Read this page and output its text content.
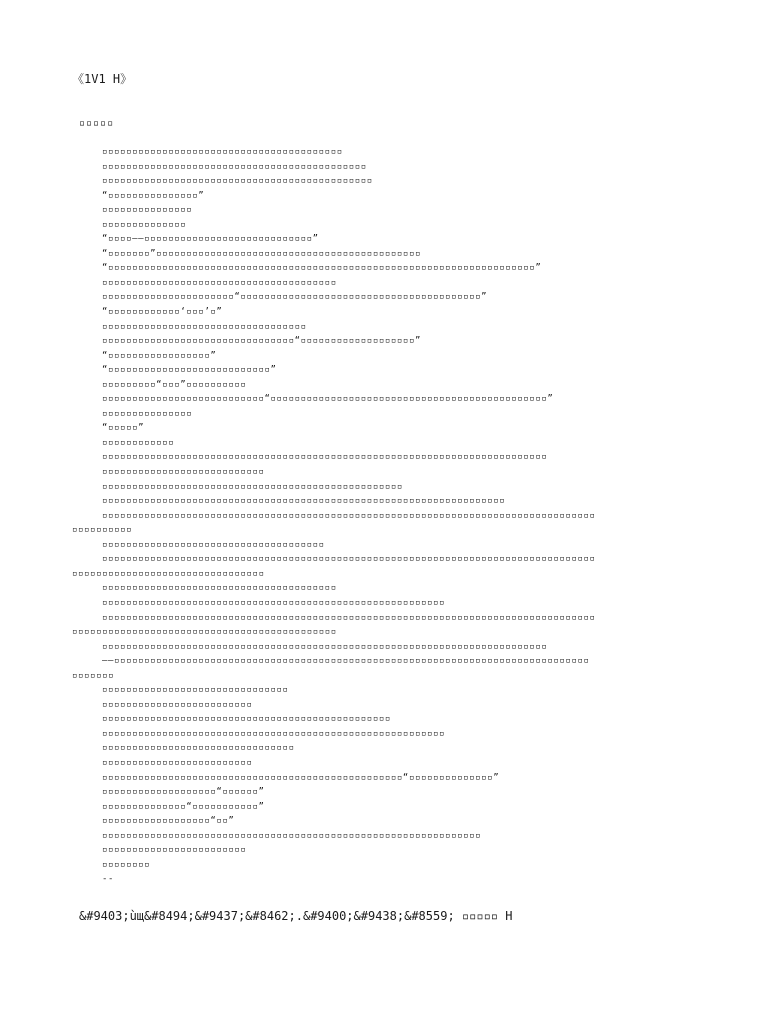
《1V1 H》
▫▫▫▫▫
▫▫▫▫▫▫▫▫▫▫▫▫▫▫▫▫▫▫▫▫▫▫▫▫▫▫▫▫▫▫▫▫▫▫▫▫▫▫▫▫
▫▫▫▫▫▫▫▫▫▫▫▫▫▫▫▫▫▫▫▫▫▫▫▫▫▫▫▫▫▫▫▫▫▫▫▫▫▫▫▫▫▫▫▫
▫▫▫▫▫▫▫▫▫▫▫▫▫▫▫▫▫▫▫▫▫▫▫▫▫▫▫▫▫▫▫▫▫▫▫▫▫▫▫▫▫▫▫▫▫
“▫▫▫▫▫▫▫▫▫▫▫▫▫▫▫”
▫▫▫▫▫▫▫▫▫▫▫▫▫▫▫
▫▫▫▫▫▫▫▫▫▫▫▫▫▫
“▫▫▫▫——▫▫▫▫▫▫▫▫▫▫▫▫▫▫▫▫▫▫▫▫▫▫▫▫▫▫▫▫”
“▫▫▫▫▫▫▫”▫▫▫▫▫▫▫▫▫▫▫▫▫▫▫▫▫▫▫▫▫▫▫▫▫▫▫▫▫▫▫▫▫▫▫▫▫▫▫▫▫▫▫▫
“▫▫▫▫▫▫▫▫▫▫▫▫▫▫▫▫▫▫▫▫▫▫▫▫▫▫▫▫▫▫▫▫▫▫▫▫▫▫▫▫▫▫▫▫▫▫▫▫▫▫▫▫▫▫▫▫▫▫▫▫▫▫▫▫▫▫▫▫▫▫▫”
▫▫▫▫▫▫▫▫▫▫▫▫▫▫▫▫▫▫▫▫▫▫▫▫▫▫▫▫▫▫▫▫▫▫▫▫▫▫▫
▫▫▫▫▫▫▫▫▫▫▫▫▫▫▫▫▫▫▫▫▫▫“▫▫▫▫▫▫▫▫▫▫▫▫▫▫▫▫▫▫▫▫▫▫▫▫▫▫▫▫▫▫▫▫▫▫▫▫▫▫▫▫”
“▫▫▫▫▫▫▫▫▫▫▫▫‘▫▫▫’▫”
▫▫▫▫▫▫▫▫▫▫▫▫▫▫▫▫▫▫▫▫▫▫▫▫▫▫▫▫▫▫▫▫▫▫
▫▫▫▫▫▫▫▫▫▫▫▫▫▫▫▫▫▫▫▫▫▫▫▫▫▫▫▫▫▫▫▫“▫▫▫▫▫▫▫▫▫▫▫▫▫▫▫▫▫▫▫”
“▫▫▫▫▫▫▫▫▫▫▫▫▫▫▫▫▫”
“▫▫▫▫▫▫▫▫▫▫▫▫▫▫▫▫▫▫▫▫▫▫▫▫▫▫▫”
▫▫▫▫▫▫▫▫▫“▫▫▫”▫▫▫▫▫▫▫▫▫▫
▫▫▫▫▫▫▫▫▫▫▫▫▫▫▫▫▫▫▫▫▫▫▫▫▫▫▫“▫▫▫▫▫▫▫▫▫▫▫▫▫▫▫▫▫▫▫▫▫▫▫▫▫▫▫▫▫▫▫▫▫▫▫▫▫▫▫▫▫▫▫▫▫▫”
▫▫▫▫▫▫▫▫▫▫▫▫▫▫▫
“▫▫▫▫▫”
▫▫▫▫▫▫▫▫▫▫▫▫
▫▫▫▫▫▫▫▫▫▫▫▫▫▫▫▫▫▫▫▫▫▫▫▫▫▫▫▫▫▫▫▫▫▫▫▫▫▫▫▫▫▫▫▫▫▫▫▫▫▫▫▫▫▫▫▫▫▫▫▫▫▫▫▫▫▫▫▫▫▫▫▫▫▫
▫▫▫▫▫▫▫▫▫▫▫▫▫▫▫▫▫▫▫▫▫▫▫▫▫▫▫
▫▫▫▫▫▫▫▫▫▫▫▫▫▫▫▫▫▫▫▫▫▫▫▫▫▫▫▫▫▫▫▫▫▫▫▫▫▫▫▫▫▫▫▫▫▫▫▫▫▫
▫▫▫▫▫▫▫▫▫▫▫▫▫▫▫▫▫▫▫▫▫▫▫▫▫▫▫▫▫▫▫▫▫▫▫▫▫▫▫▫▫▫▫▫▫▫▫▫▫▫▫▫▫▫▫▫▫▫▫▫▫▫▫▫▫▫▫
▫▫▫▫▫▫▫▫▫▫▫▫▫▫▫▫▫▫▫▫▫▫▫▫▫▫▫▫▫▫▫▫▫▫▫▫▫▫▫▫▫▫▫▫▫▫▫▫▫▫▫▫▫▫▫▫▫▫▫▫▫▫▫▫▫▫▫▫▫▫▫▫▫▫▫▫▫▫▫▫▫▫
▫▫▫▫▫▫▫▫▫▫
▫▫▫▫▫▫▫▫▫▫▫▫▫▫▫▫▫▫▫▫▫▫▫▫▫▫▫▫▫▫▫▫▫▫▫▫▫
▫▫▫▫▫▫▫▫▫▫▫▫▫▫▫▫▫▫▫▫▫▫▫▫▫▫▫▫▫▫▫▫▫▫▫▫▫▫▫▫▫▫▫▫▫▫▫▫▫▫▫▫▫▫▫▫▫▫▫▫▫▫▫▫▫▫▫▫▫▫▫▫▫▫▫▫▫▫▫▫▫▫
▫▫▫▫▫▫▫▫▫▫▫▫▫▫▫▫▫▫▫▫▫▫▫▫▫▫▫▫▫▫▫▫
▫▫▫▫▫▫▫▫▫▫▫▫▫▫▫▫▫▫▫▫▫▫▫▫▫▫▫▫▫▫▫▫▫▫▫▫▫▫▫
▫▫▫▫▫▫▫▫▫▫▫▫▫▫▫▫▫▫▫▫▫▫▫▫▫▫▫▫▫▫▫▫▫▫▫▫▫▫▫▫▫▫▫▫▫▫▫▫▫▫▫▫▫▫▫▫▫
▫▫▫▫▫▫▫▫▫▫▫▫▫▫▫▫▫▫▫▫▫▫▫▫▫▫▫▫▫▫▫▫▫▫▫▫▫▫▫▫▫▫▫▫▫▫▫▫▫▫▫▫▫▫▫▫▫▫▫▫▫▫▫▫▫▫▫▫▫▫▫▫▫▫▫▫▫▫▫▫▫▫
▫▫▫▫▫▫▫▫▫▫▫▫▫▫▫▫▫▫▫▫▫▫▫▫▫▫▫▫▫▫▫▫▫▫▫▫▫▫▫▫▫▫▫▫
▫▫▫▫▫▫▫▫▫▫▫▫▫▫▫▫▫▫▫▫▫▫▫▫▫▫▫▫▫▫▫▫▫▫▫▫▫▫▫▫▫▫▫▫▫▫▫▫▫▫▫▫▫▫▫▫▫▫▫▫▫▫▫▫▫▫▫▫▫▫▫▫▫▫
——▫▫▫▫▫▫▫▫▫▫▫▫▫▫▫▫▫▫▫▫▫▫▫▫▫▫▫▫▫▫▫▫▫▫▫▫▫▫▫▫▫▫▫▫▫▫▫▫▫▫▫▫▫▫▫▫▫▫▫▫▫▫▫▫▫▫▫▫▫▫▫▫▫▫▫▫▫▫▫
▫▫▫▫▫▫▫
▫▫▫▫▫▫▫▫▫▫▫▫▫▫▫▫▫▫▫▫▫▫▫▫▫▫▫▫▫▫▫
▫▫▫▫▫▫▫▫▫▫▫▫▫▫▫▫▫▫▫▫▫▫▫▫▫
▫▫▫▫▫▫▫▫▫▫▫▫▫▫▫▫▫▫▫▫▫▫▫▫▫▫▫▫▫▫▫▫▫▫▫▫▫▫▫▫▫▫▫▫▫▫▫▫
▫▫▫▫▫▫▫▫▫▫▫▫▫▫▫▫▫▫▫▫▫▫▫▫▫▫▫▫▫▫▫▫▫▫▫▫▫▫▫▫▫▫▫▫▫▫▫▫▫▫▫▫▫▫▫▫▫
▫▫▫▫▫▫▫▫▫▫▫▫▫▫▫▫▫▫▫▫▫▫▫▫▫▫▫▫▫▫▫▫
▫▫▫▫▫▫▫▫▫▫▫▫▫▫▫▫▫▫▫▫▫▫▫▫▫
▫▫▫▫▫▫▫▫▫▫▫▫▫▫▫▫▫▫▫▫▫▫▫▫▫▫▫▫▫▫▫▫▫▫▫▫▫▫▫▫▫▫▫▫▫▫▫▫▫▫“▫▫▫▫▫▫▫▫▫▫▫▫▫▫”
▫▫▫▫▫▫▫▫▫▫▫▫▫▫▫▫▫▫▫“▫▫▫▫▫▫”
▫▫▫▫▫▫▫▫▫▫▫▫▫▫“▫▫▫▫▫▫▫▫▫▫▫”
▫▫▫▫▫▫▫▫▫▫▫▫▫▫▫▫▫▫“▫▫”
▫▫▫▫▫▫▫▫▫▫▫▫▫▫▫▫▫▫▫▫▫▫▫▫▫▫▫▫▫▫▫▫▫▫▫▫▫▫▫▫▫▫▫▫▫▫▫▫▫▫▫▫▫▫▫▫▫▫▫▫▫▫▫
▫▫▫▫▫▫▫▫▫▫▫▫▫▫▫▫▫▫▫▫▫▫▫▫
▫▫▫▫▫▫▫▫
--
&#9403;ùщ&#8494;&#9437;&#8462;.&#9400;&#9438;&#8559; ▫▫▫▫▫ H
